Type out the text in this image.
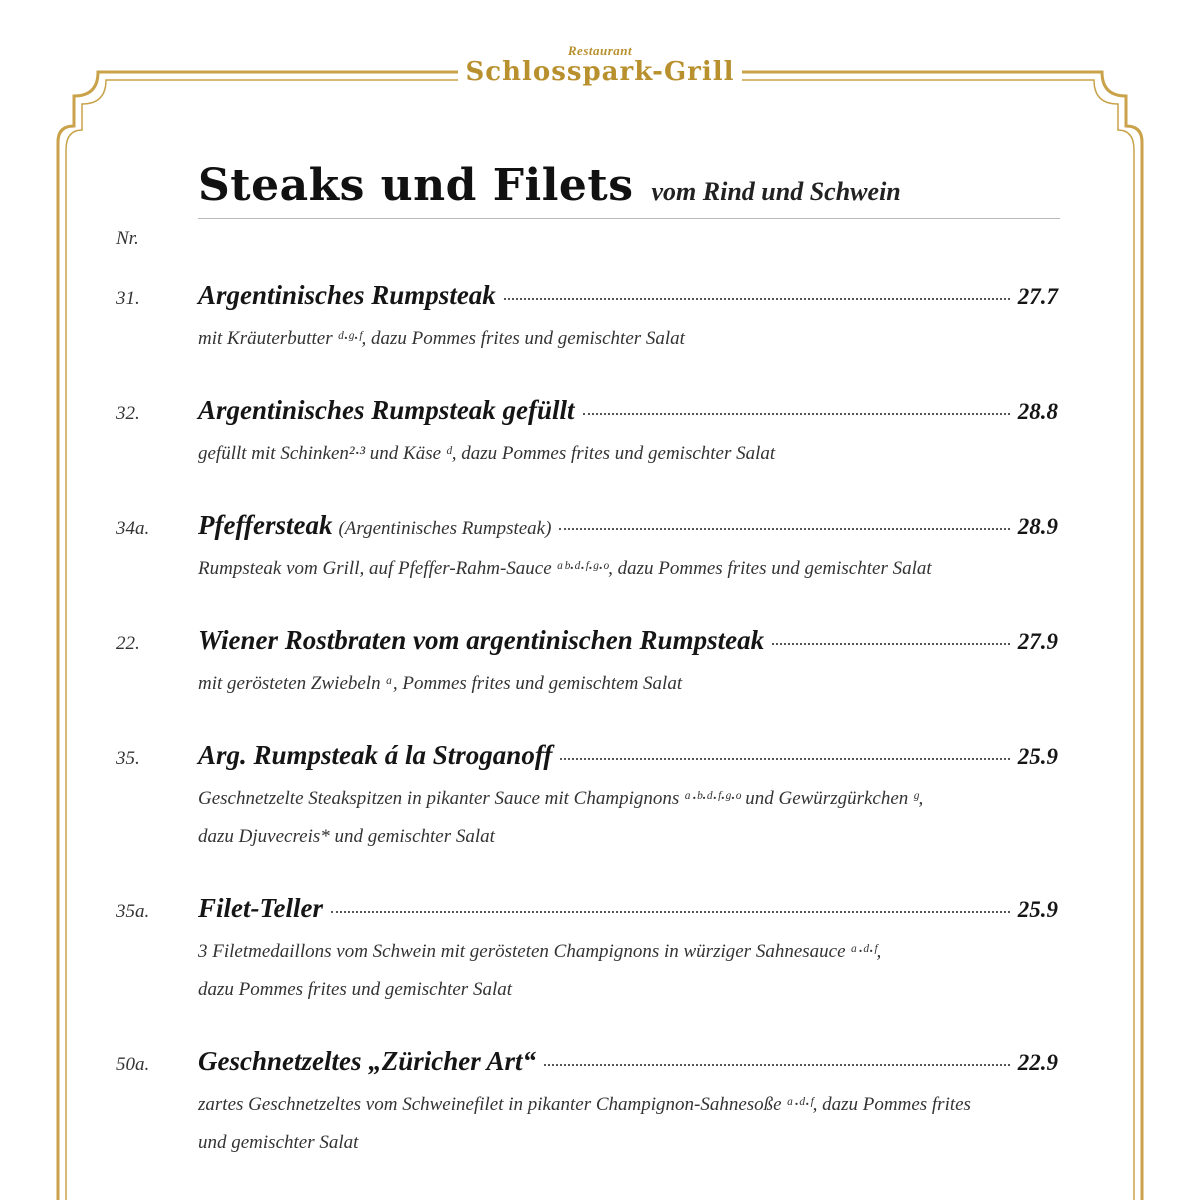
Restaurant
Schlosspark-Grill
Steaks und Filets vom Rind und Schwein
Nr.
31. Argentinisches Rumpsteak	27.7
mit Kräuterbutter ᵈ·ᵍ·ᶠ, dazu Pommes frites und gemischter Salat
32. Argentinisches Rumpsteak gefüllt	28.8
gefüllt mit Schinken²·³ und Käse ᵈ, dazu Pommes frites und gemischter Salat
34a. Pfeffersteak (Argentinisches Rumpsteak)	28.9
Rumpsteak vom Grill, auf Pfeffer-Rahm-Sauce ᵃᵇ·ᵈ·ᶠ·ᵍ·ᵒ, dazu Pommes frites und gemischter Salat
22. Wiener Rostbraten vom argentinischen Rumpsteak	27.9
mit gerösteten Zwiebeln ᵃ, Pommes frites und gemischtem Salat
35. Arg. Rumpsteak á la Stroganoff	25.9
Geschnetzelte Steakspitzen in pikanter Sauce mit Champignons ᵃ·ᵇ·ᵈ·ᶠ·ᵍ·ᵒ und Gewürzgürkchen ᵍ,
dazu Djuvecreis* und gemischter Salat
35a. Filet-Teller	25.9
3 Filetmedaillons vom Schwein mit gerösteten Champignons in würziger Sahnesauce ᵃ·ᵈ·ᶠ,
dazu Pommes frites und gemischter Salat
50a. Geschnetzeltes „Züricher Art“	22.9
zartes Geschnetzeltes vom Schweinefilet in pikanter Champignon-Sahnesoße ᵃ·ᵈ·ᶠ, dazu Pommes frites
und gemischter Salat
